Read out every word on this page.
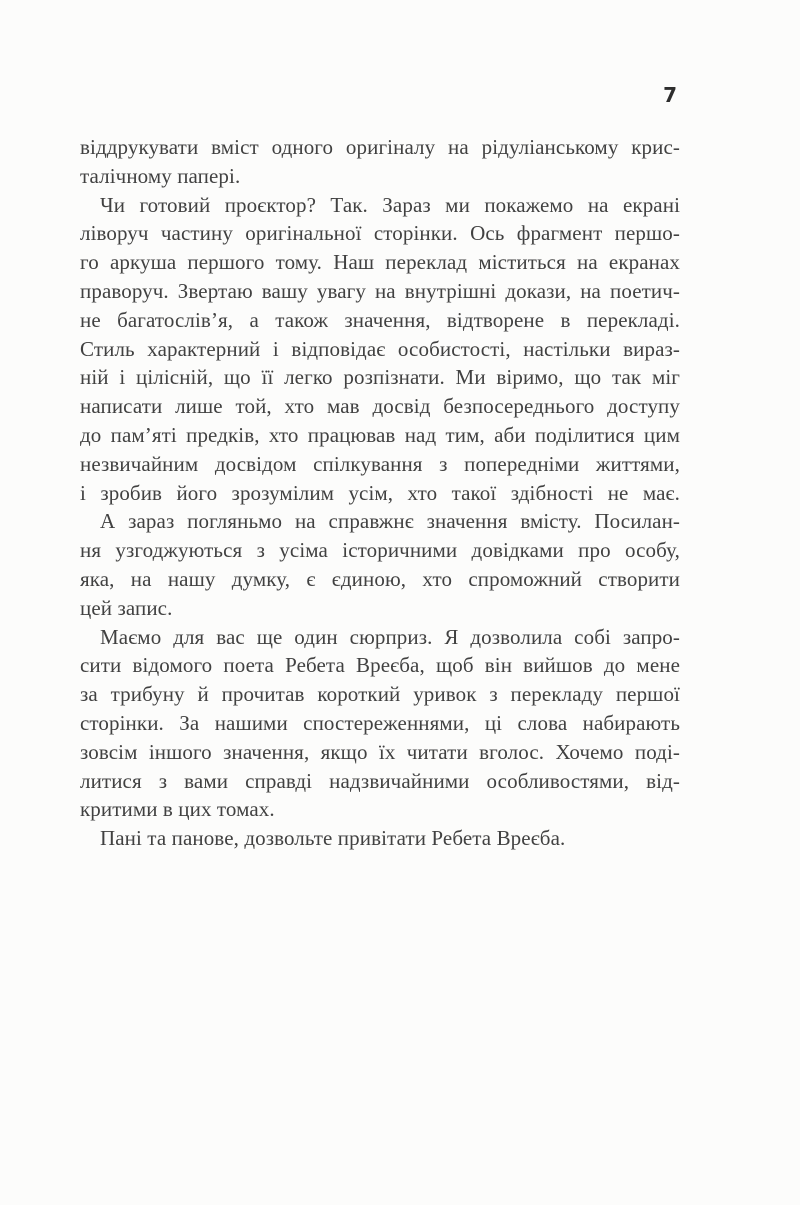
7
віддрукувати вміст одного оригіналу на рідуліанському крис-
талічному папері.
Чи готовий проєктор? Так. Зараз ми покажемо на екрані
ліворуч частину оригінальної сторінки. Ось фрагмент першо-
го аркуша першого тому. Наш переклад міститься на екранах
праворуч. Звертаю вашу увагу на внутрішні докази, на поетич-
не багатослів’я, а також значення, відтворене в перекладі.
Стиль характерний і відповідає особистості, настільки вираз-
ній і цілісній, що її легко розпізнати. Ми віримо, що так міг
написати лише той, хто мав досвід безпосереднього доступу
до пам’яті предків, хто працював над тим, аби поділитися цим
незвичайним досвідом спілкування з попередніми життями,
і зробив його зрозумілим усім, хто такої здібності не має.
А зараз погляньмо на справжнє значення вмісту. Посилан-
ня узгоджуються з усіма історичними довідками про особу,
яка, на нашу думку, є єдиною, хто спроможний створити
цей запис.
Маємо для вас ще один сюрприз. Я дозволила собі запро-
сити відомого поета Ребета Вреєба, щоб він вийшов до мене
за трибуну й прочитав короткий уривок з перекладу першої
сторінки. За нашими спостереженнями, ці слова набирають
зовсім іншого значення, якщо їх читати вголос. Хочемо поді-
литися з вами справді надзвичайними особливостями, від-
критими в цих томах.
Пані та панове, дозвольте привітати Ребета Вреєба.
